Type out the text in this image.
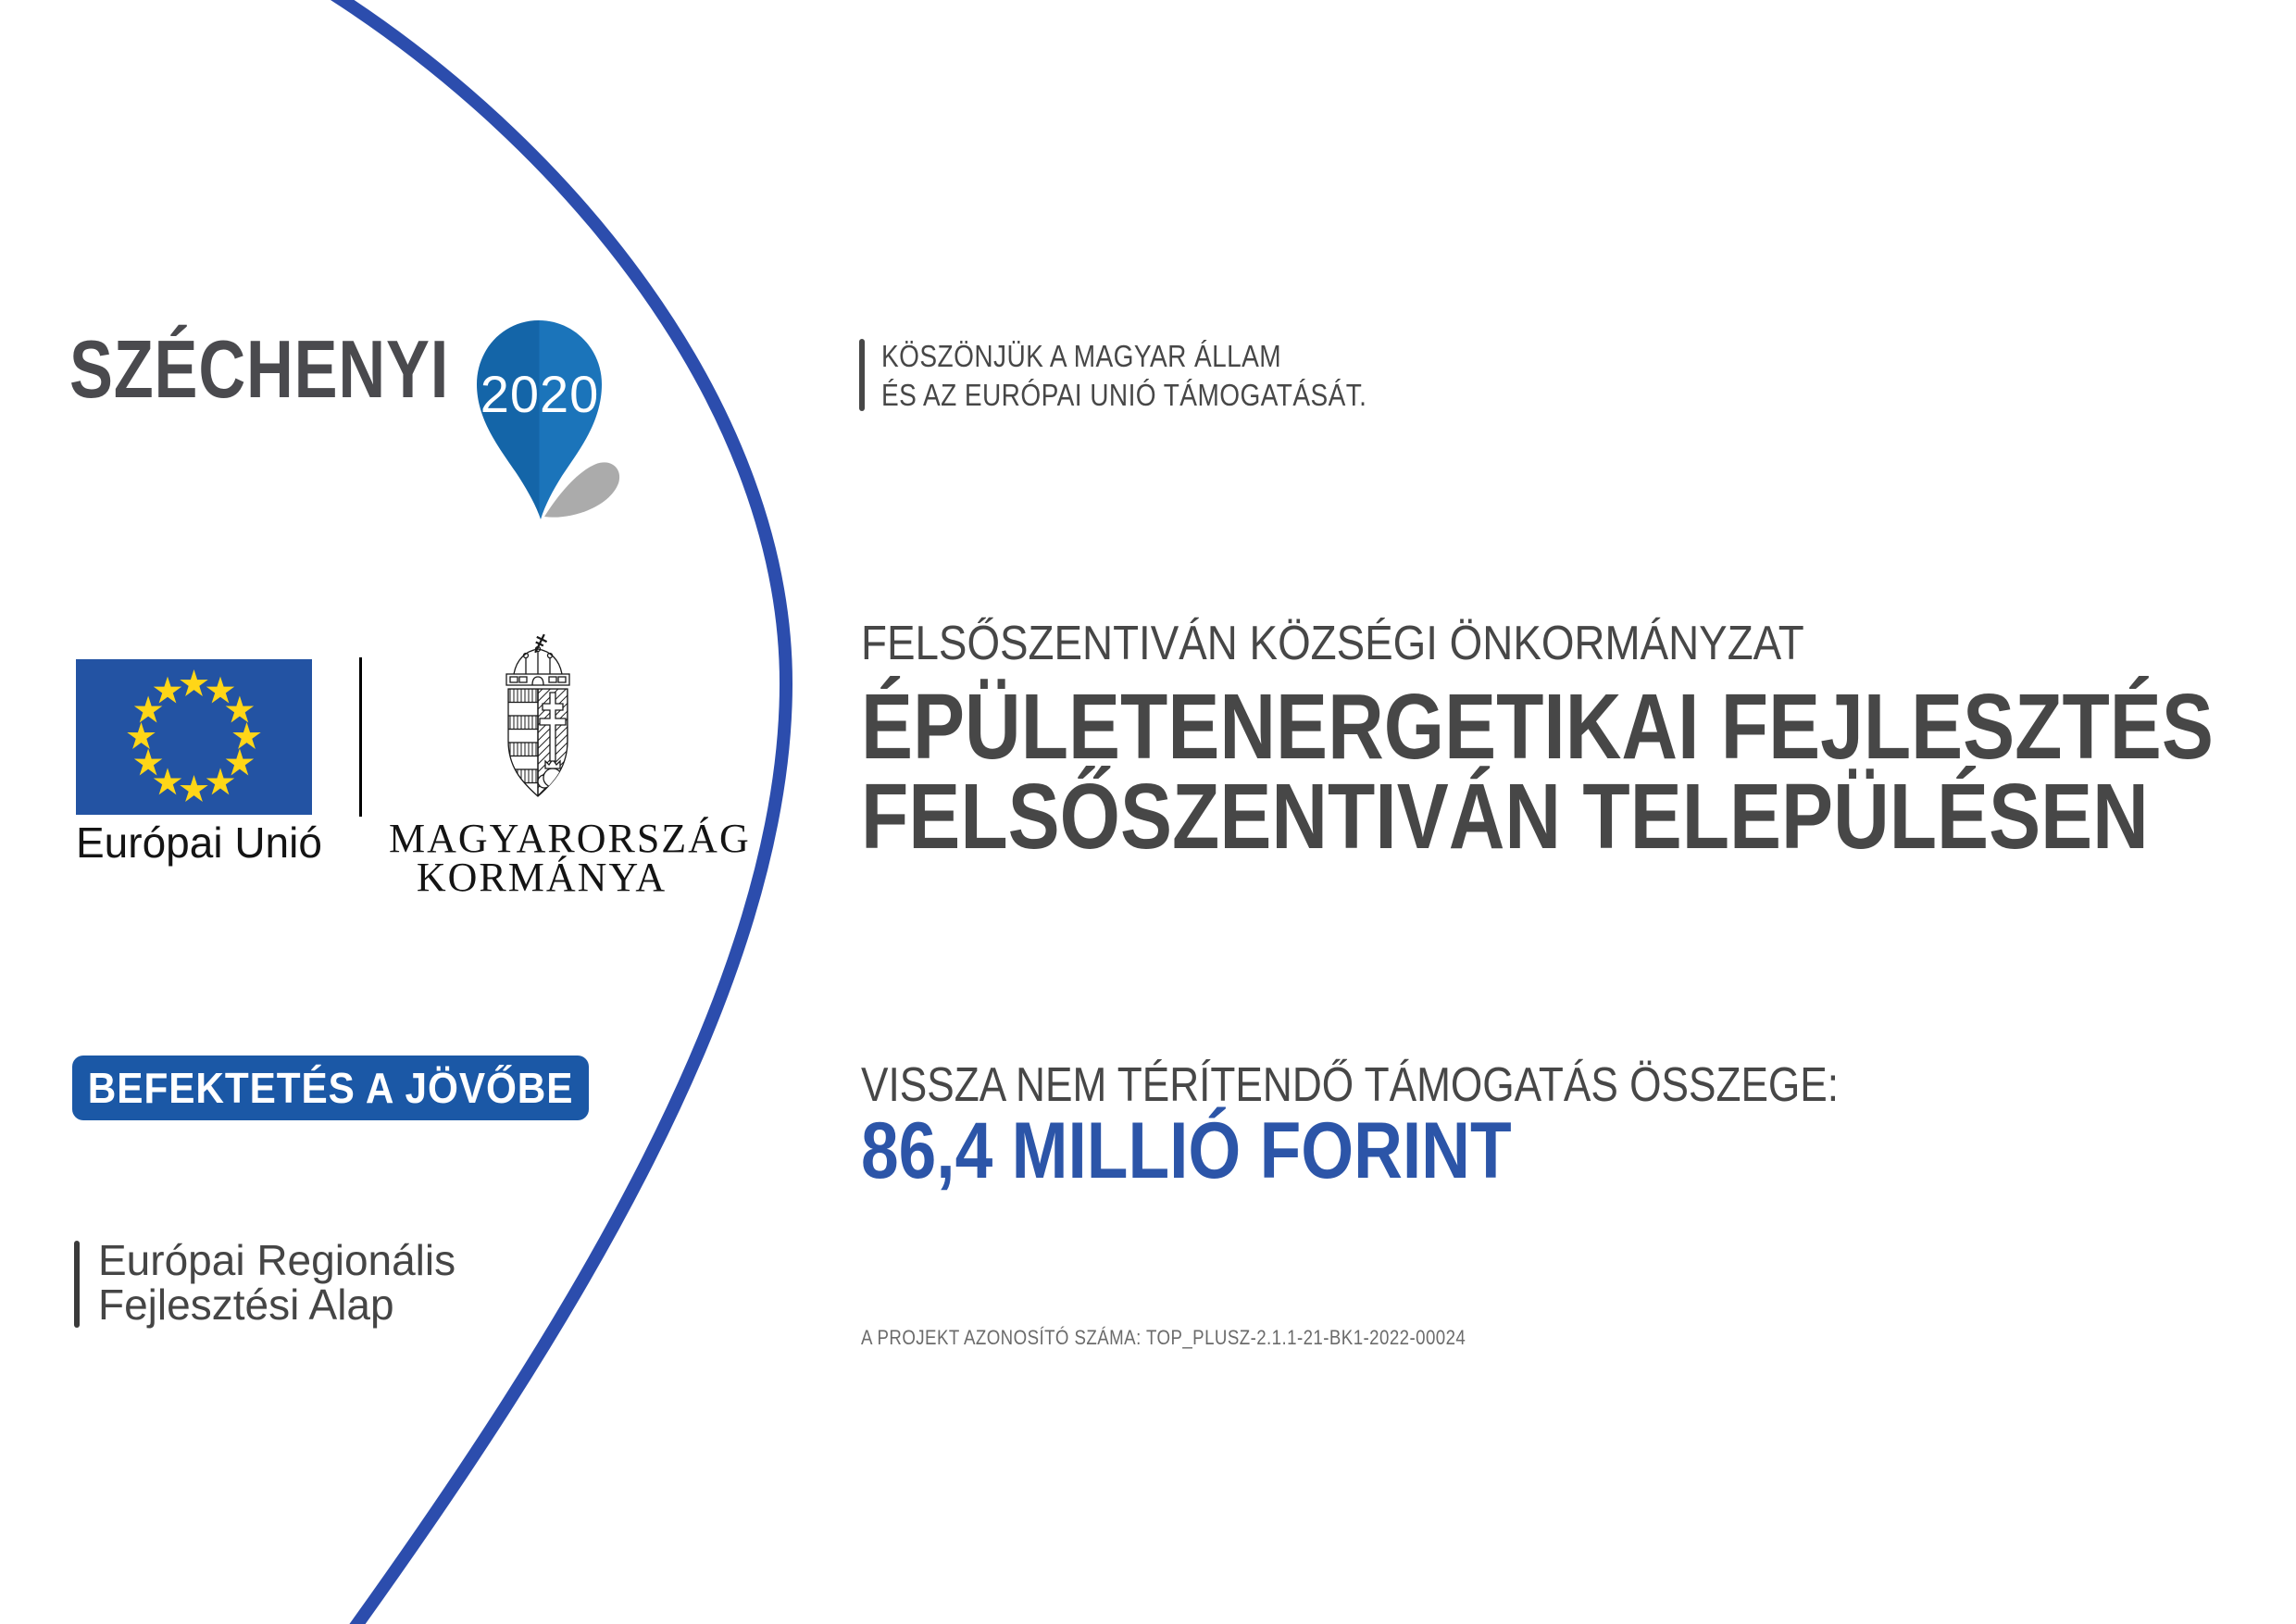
SZÉCHENYI 2020
KÖSZÖNJÜK A MAGYAR ÁLLAM
ÉS AZ EURÓPAI UNIÓ TÁMOGATÁSÁT.
Európai Unió MAGYARORSZÁG
KORMÁNYA
BEFEKTETÉS A JÖVŐBE
Európai Regionális
Fejlesztési Alap
FELSŐSZENTIVÁN KÖZSÉGI ÖNKORMÁNYZAT
ÉPÜLETENERGETIKAI FEJLESZTÉS
FELSŐSZENTIVÁN TELEPÜLÉSEN
VISSZA NEM TÉRÍTENDŐ TÁMOGATÁS ÖSSZEGE:
86,4 MILLIÓ FORINT
A PROJEKT AZONOSÍTÓ SZÁMA: TOP_PLUSZ-2.1.1-21-BK1-2022-00024
